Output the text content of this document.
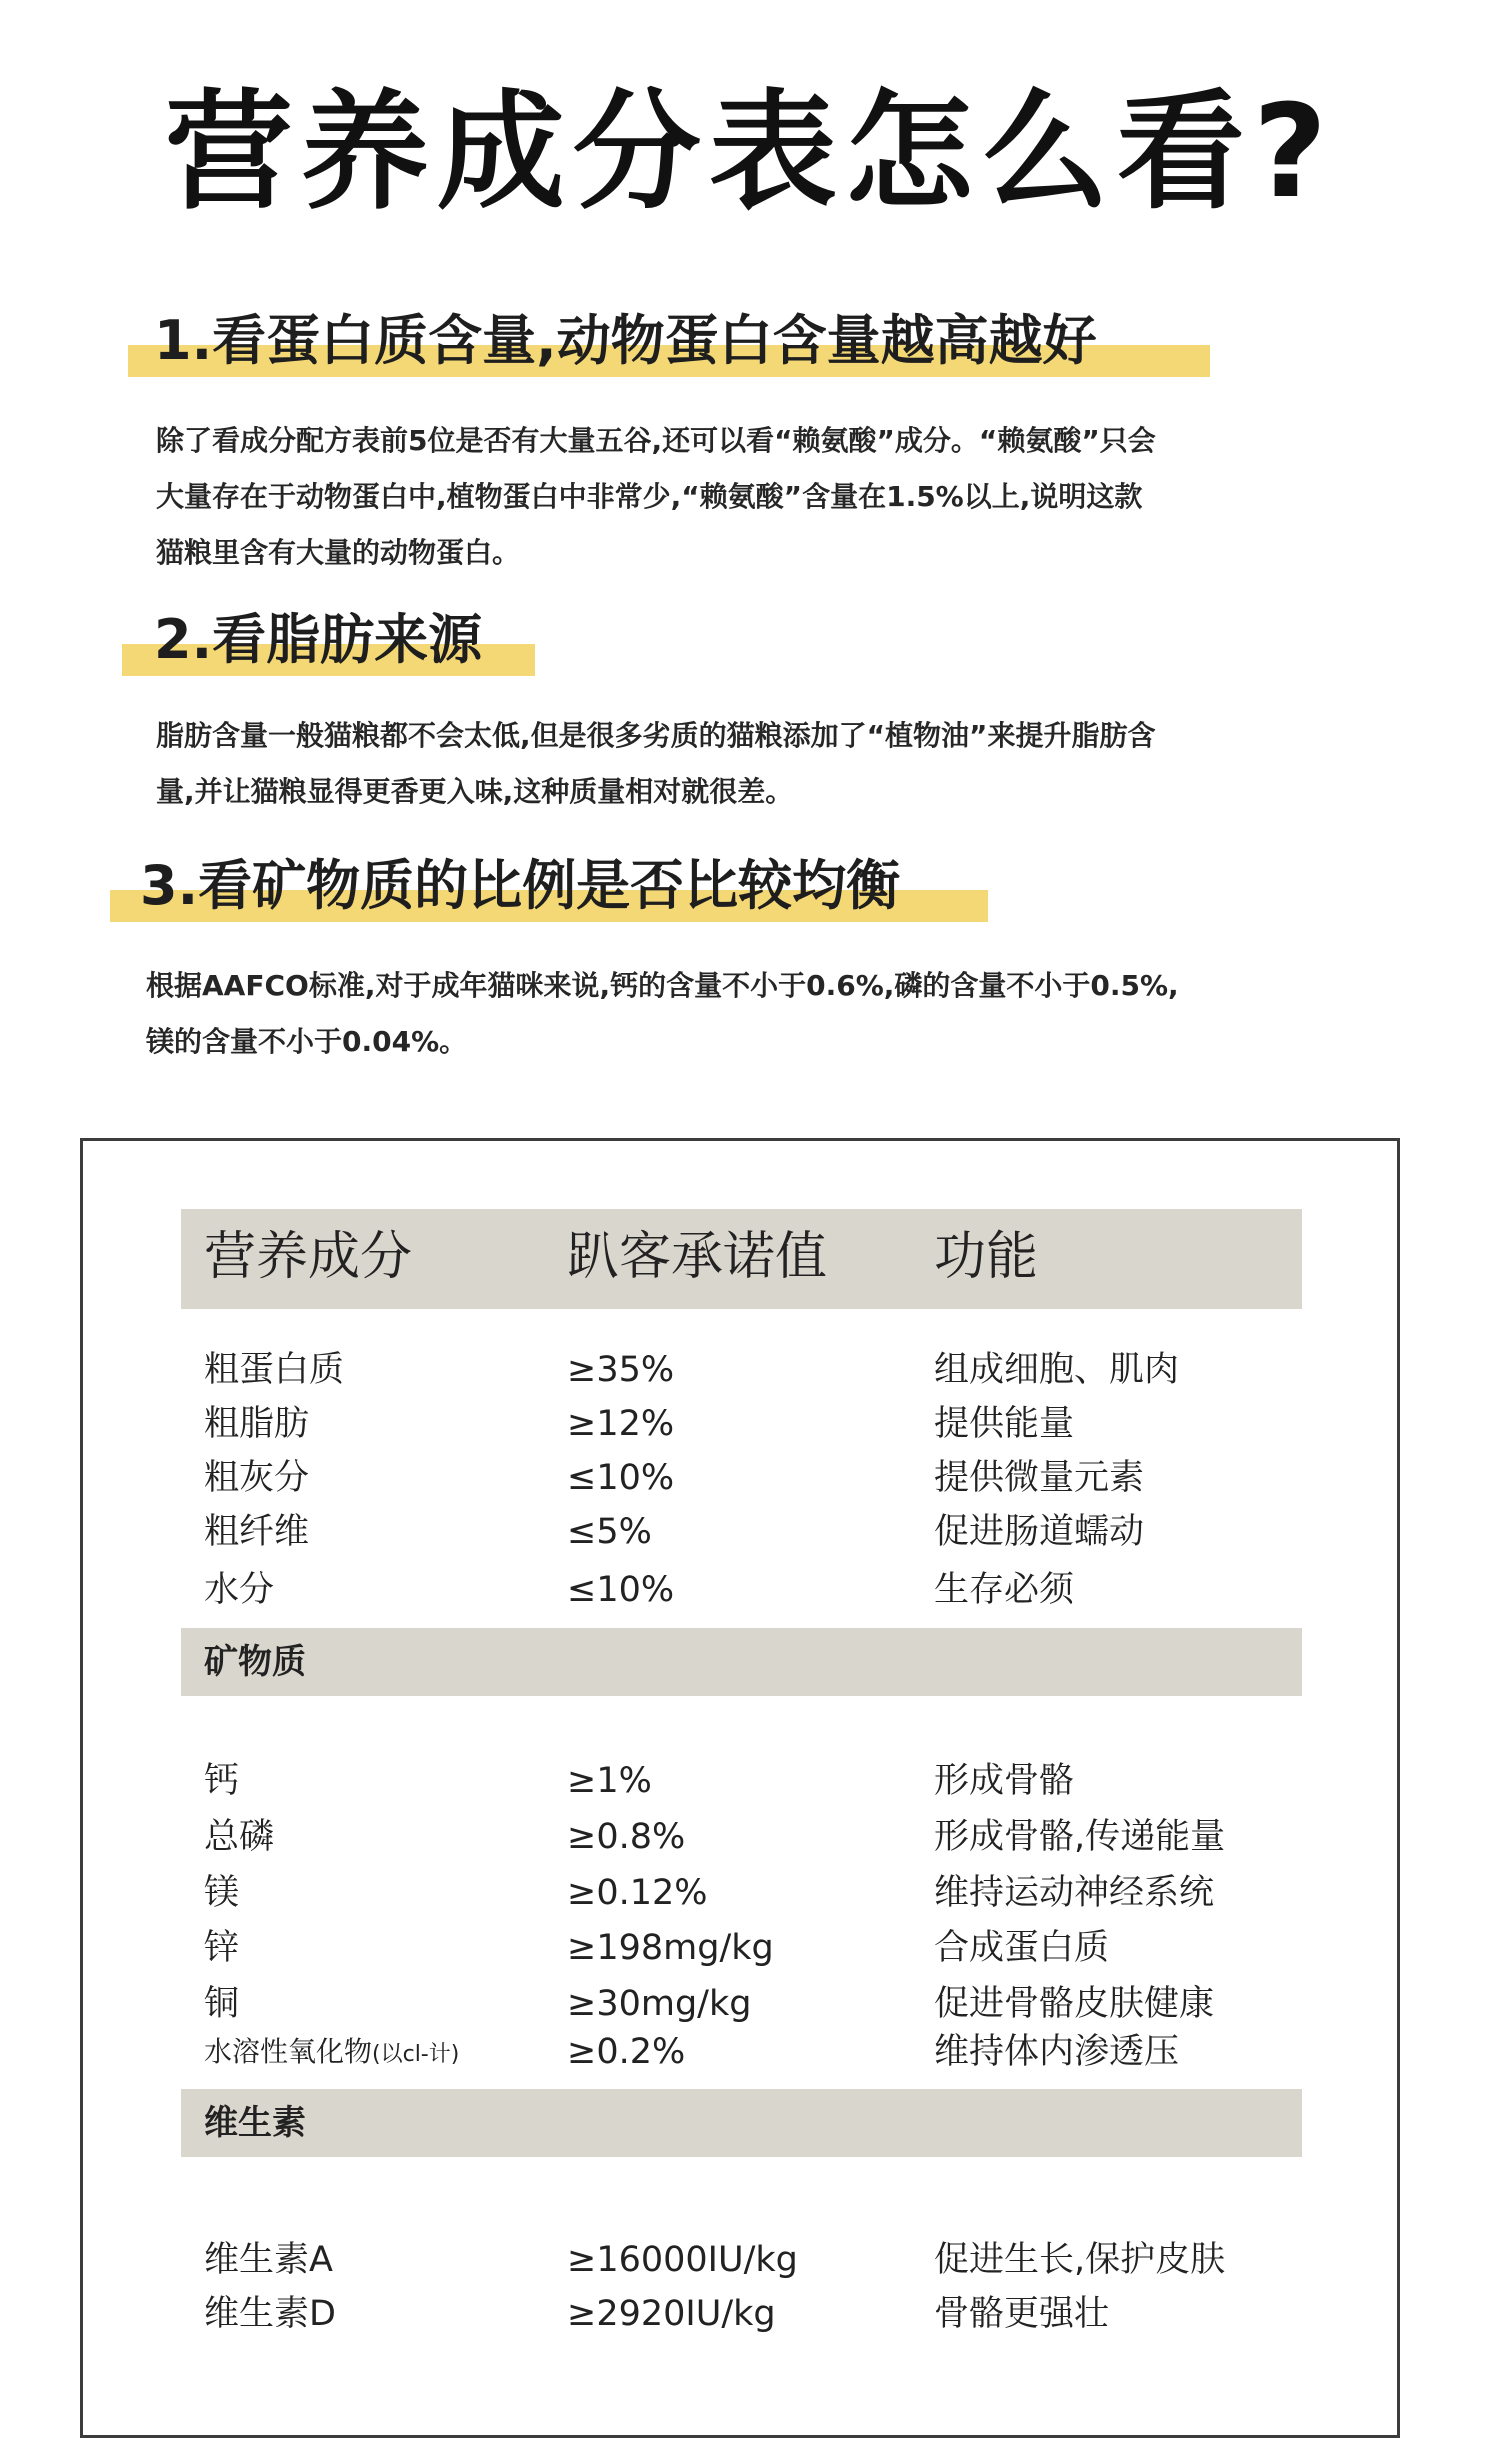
营养成分表怎么看?
1.看蛋白质含量,动物蛋白含量越高越好

除了看成分配方表前5位是否有大量五谷,还可以看“赖氨酸”成分。“赖氨酸”只会

大量存在于动物蛋白中,植物蛋白中非常少,“赖氨酸”含量在1.5%以上,说明这款

猫粮里含有大量的动物蛋白。

2.看脂肪来源

脂肪含量一般猫粮都不会太低,但是很多劣质的猫粮添加了“植物油”来提升脂肪含

量,并让猫粮显得更香更入味,这种质量相对就很差。

3.看矿物质的比例是否比较均衡

根据AAFCO标准,对于成年猫咪来说,钙的含量不小于0.6%,磷的含量不小于0.5%,

镁的含量不小于0.04%。

营养成分	趴客承诺值 功能
粗蛋白质	≥35%	组成细胞、肌肉
粗脂肪	≥12%	提供能量
粗灰分	≤10%	提供微量元素
粗纤维	≤5%	促进肠道蠕动
水分	≤10%	生存必须
矿物质
钙	≥1%	形成骨骼
总磷	≥0.8%	形成骨骼,传递能量
镁	≥0.12%	维持运动神经系统
锌	≥198mg/kg	合成蛋白质
铜	≥30mg/kg	促进骨骼皮肤健康
水溶性氧化物(以cl-计)	≥0.2%	维持体内渗透压
维生素
维生素A	≥16000IU/kg	促进生长,保护皮肤
维生素D	≥2920IU/kg	骨骼更强壮
